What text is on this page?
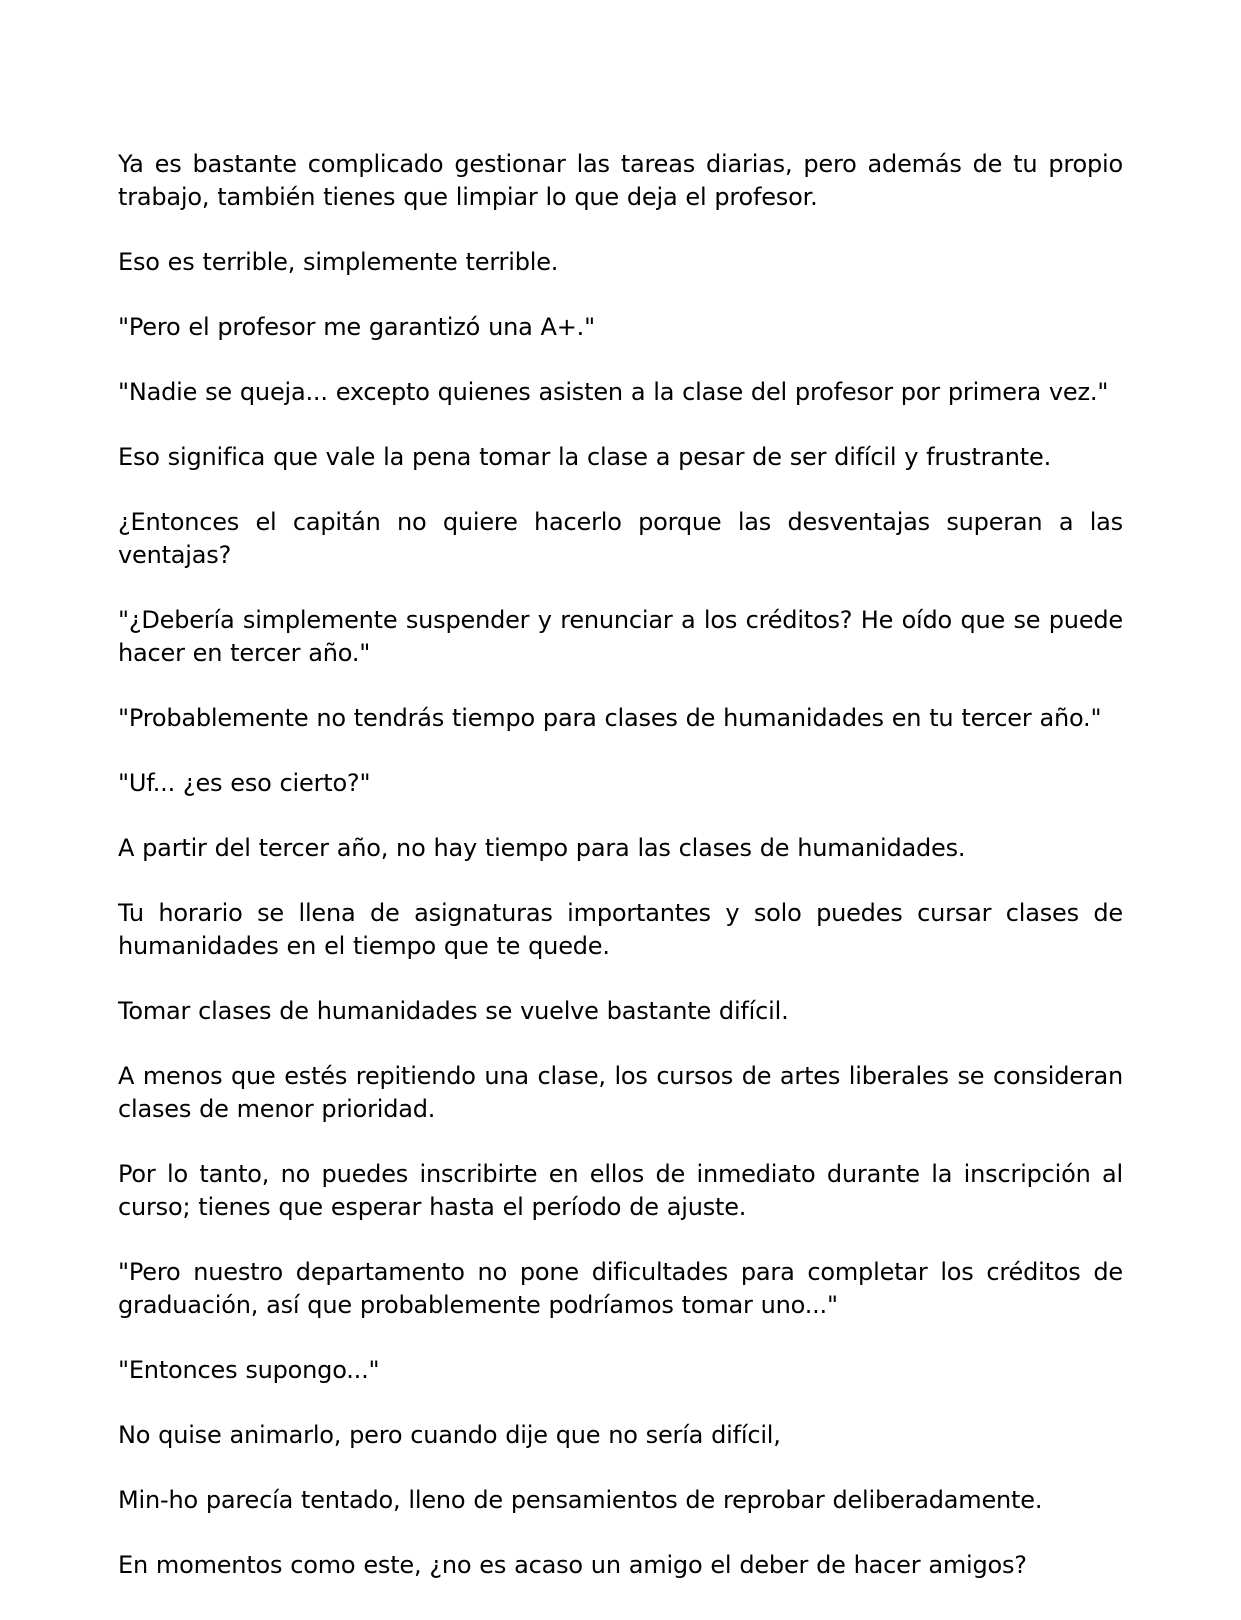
Ya es bastante complicado gestionar las tareas diarias, pero además de tu propio trabajo, también tienes que limpiar lo que deja el profesor.

Eso es terrible, simplemente terrible.

"Pero el profesor me garantizó una A+."

"Nadie se queja... excepto quienes asisten a la clase del profesor por primera vez."

Eso significa que vale la pena tomar la clase a pesar de ser difícil y frustrante.

¿Entonces el capitán no quiere hacerlo porque las desventajas superan a las ventajas?

"¿Debería simplemente suspender y renunciar a los créditos? He oído que se puede hacer en tercer año."

"Probablemente no tendrás tiempo para clases de humanidades en tu tercer año."

"Uf... ¿es eso cierto?"

A partir del tercer año, no hay tiempo para las clases de humanidades.

Tu horario se llena de asignaturas importantes y solo puedes cursar clases de humanidades en el tiempo que te quede.

Tomar clases de humanidades se vuelve bastante difícil.

A menos que estés repitiendo una clase, los cursos de artes liberales se consideran clases de menor prioridad.

Por lo tanto, no puedes inscribirte en ellos de inmediato durante la inscripción al curso; tienes que esperar hasta el período de ajuste.

"Pero nuestro departamento no pone dificultades para completar los créditos de graduación, así que probablemente podríamos tomar uno..."

"Entonces supongo..."

No quise animarlo, pero cuando dije que no sería difícil,

Min-ho parecía tentado, lleno de pensamientos de reprobar deliberadamente.

En momentos como este, ¿no es acaso un amigo el deber de hacer amigos?
